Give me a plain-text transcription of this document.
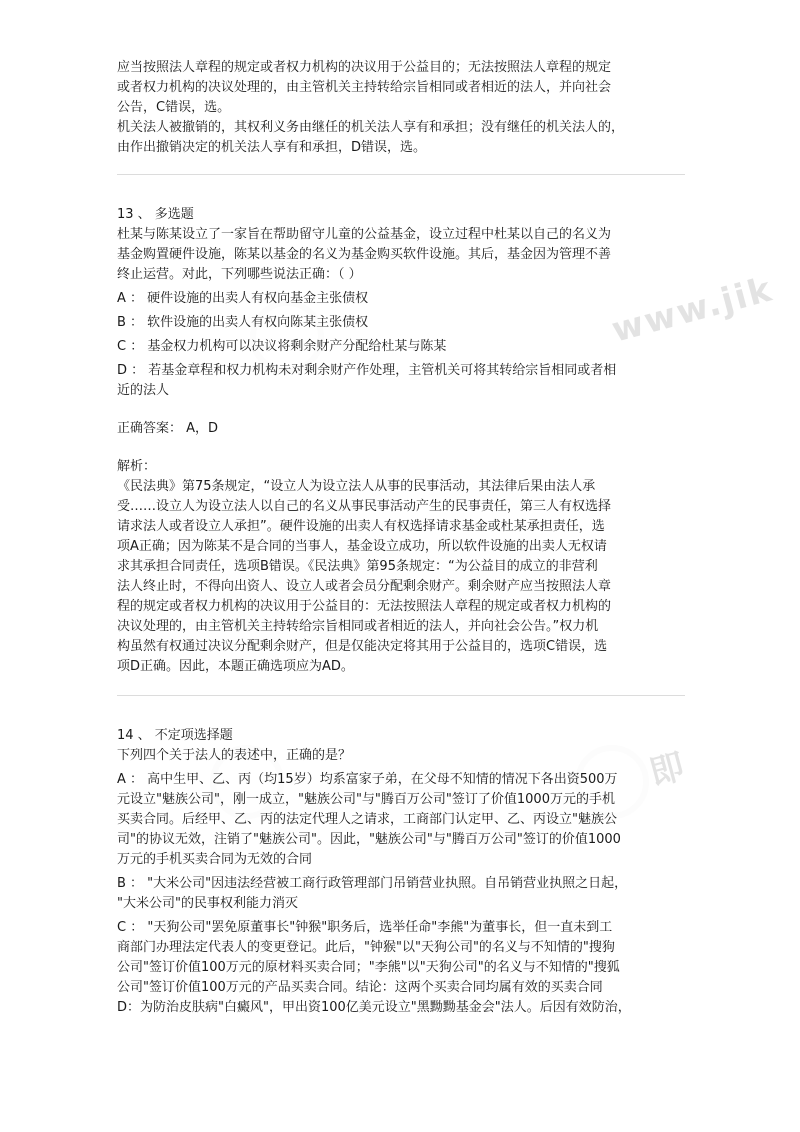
www.jik
即

应当按照法人章程的规定或者权力机构的决议用于公益目的；无法按照法人章程的规定

或者权力机构的决议处理的，由主管机关主持转给宗旨相同或者相近的法人，并向社会

公告，C错误，选。

机关法人被撤销的，其权利义务由继任的机关法人享有和承担；没有继任的机关法人的，

由作出撤销决定的机关法人享有和承担，D错误，选。

13 、 多选题

杜某与陈某设立了一家旨在帮助留守儿童的公益基金，设立过程中杜某以自己的名义为

基金购置硬件设施，陈某以基金的名义为基金购买软件设施。其后，基金因为管理不善

终止运营。对此，下列哪些说法正确：（ ）

A ： 硬件设施的出卖人有权向基金主张债权

B ： 软件设施的出卖人有权向陈某主张债权

C ： 基金权力机构可以决议将剩余财产分配给杜某与陈某

D ： 若基金章程和权力机构未对剩余财产作处理，主管机关可将其转给宗旨相同或者相

近的法人

正确答案： A，D

解析：

《民法典》第75条规定，“设立人为设立法人从事的民事活动，其法律后果由法人承

受……设立人为设立法人以自己的名义从事民事活动产生的民事责任，第三人有权选择

请求法人或者设立人承担”。硬件设施的出卖人有权选择请求基金或杜某承担责任，选

项A正确；因为陈某不是合同的当事人，基金设立成功，所以软件设施的出卖人无权请

求其承担合同责任，选项B错误。《民法典》第95条规定：“为公益目的成立的非营利

法人终止时，不得向出资人、设立人或者会员分配剩余财产。剩余财产应当按照法人章

程的规定或者权力机构的决议用于公益目的：无法按照法人章程的规定或者权力机构的

决议处理的，由主管机关主持转给宗旨相同或者相近的法人，并向社会公告。”权力机

构虽然有权通过决议分配剩余财产，但是仅能决定将其用于公益目的，选项C错误，选

项D正确。因此，本题正确选项应为AD。

14 、 不定项选择题

下列四个关于法人的表述中，正确的是？

A ： 高中生甲、乙、丙（均15岁）均系富家子弟，在父母不知情的情况下各出资500万

元设立"魅族公司"，刚一成立，"魅族公司"与"腾百万公司"签订了价值1000万元的手机

买卖合同。后经甲、乙、丙的法定代理人之请求，工商部门认定甲、乙、丙设立"魅族公

司"的协议无效，注销了"魅族公司"。因此，"魅族公司"与"腾百万公司"签订的价值1000

万元的手机买卖合同为无效的合同

B ： "大米公司"因违法经营被工商行政管理部门吊销营业执照。自吊销营业执照之日起，

"大米公司"的民事权利能力消灭

C ： "天狗公司"罢免原董事长"钟猴"职务后，选举任命"李熊"为董事长，但一直未到工

商部门办理法定代表人的变更登记。此后，"钟猴"以"天狗公司"的名义与不知情的"搜狗

公司"签订价值100万元的原材料买卖合同；"李熊"以"天狗公司"的名义与不知情的"搜狐

公司"签订价值100万元的产品买卖合同。结论：这两个买卖合同均属有效的买卖合同

D：为防治皮肤病"白癜风"，甲出资100亿美元设立"黑黝黝基金会"法人。后因有效防治，
